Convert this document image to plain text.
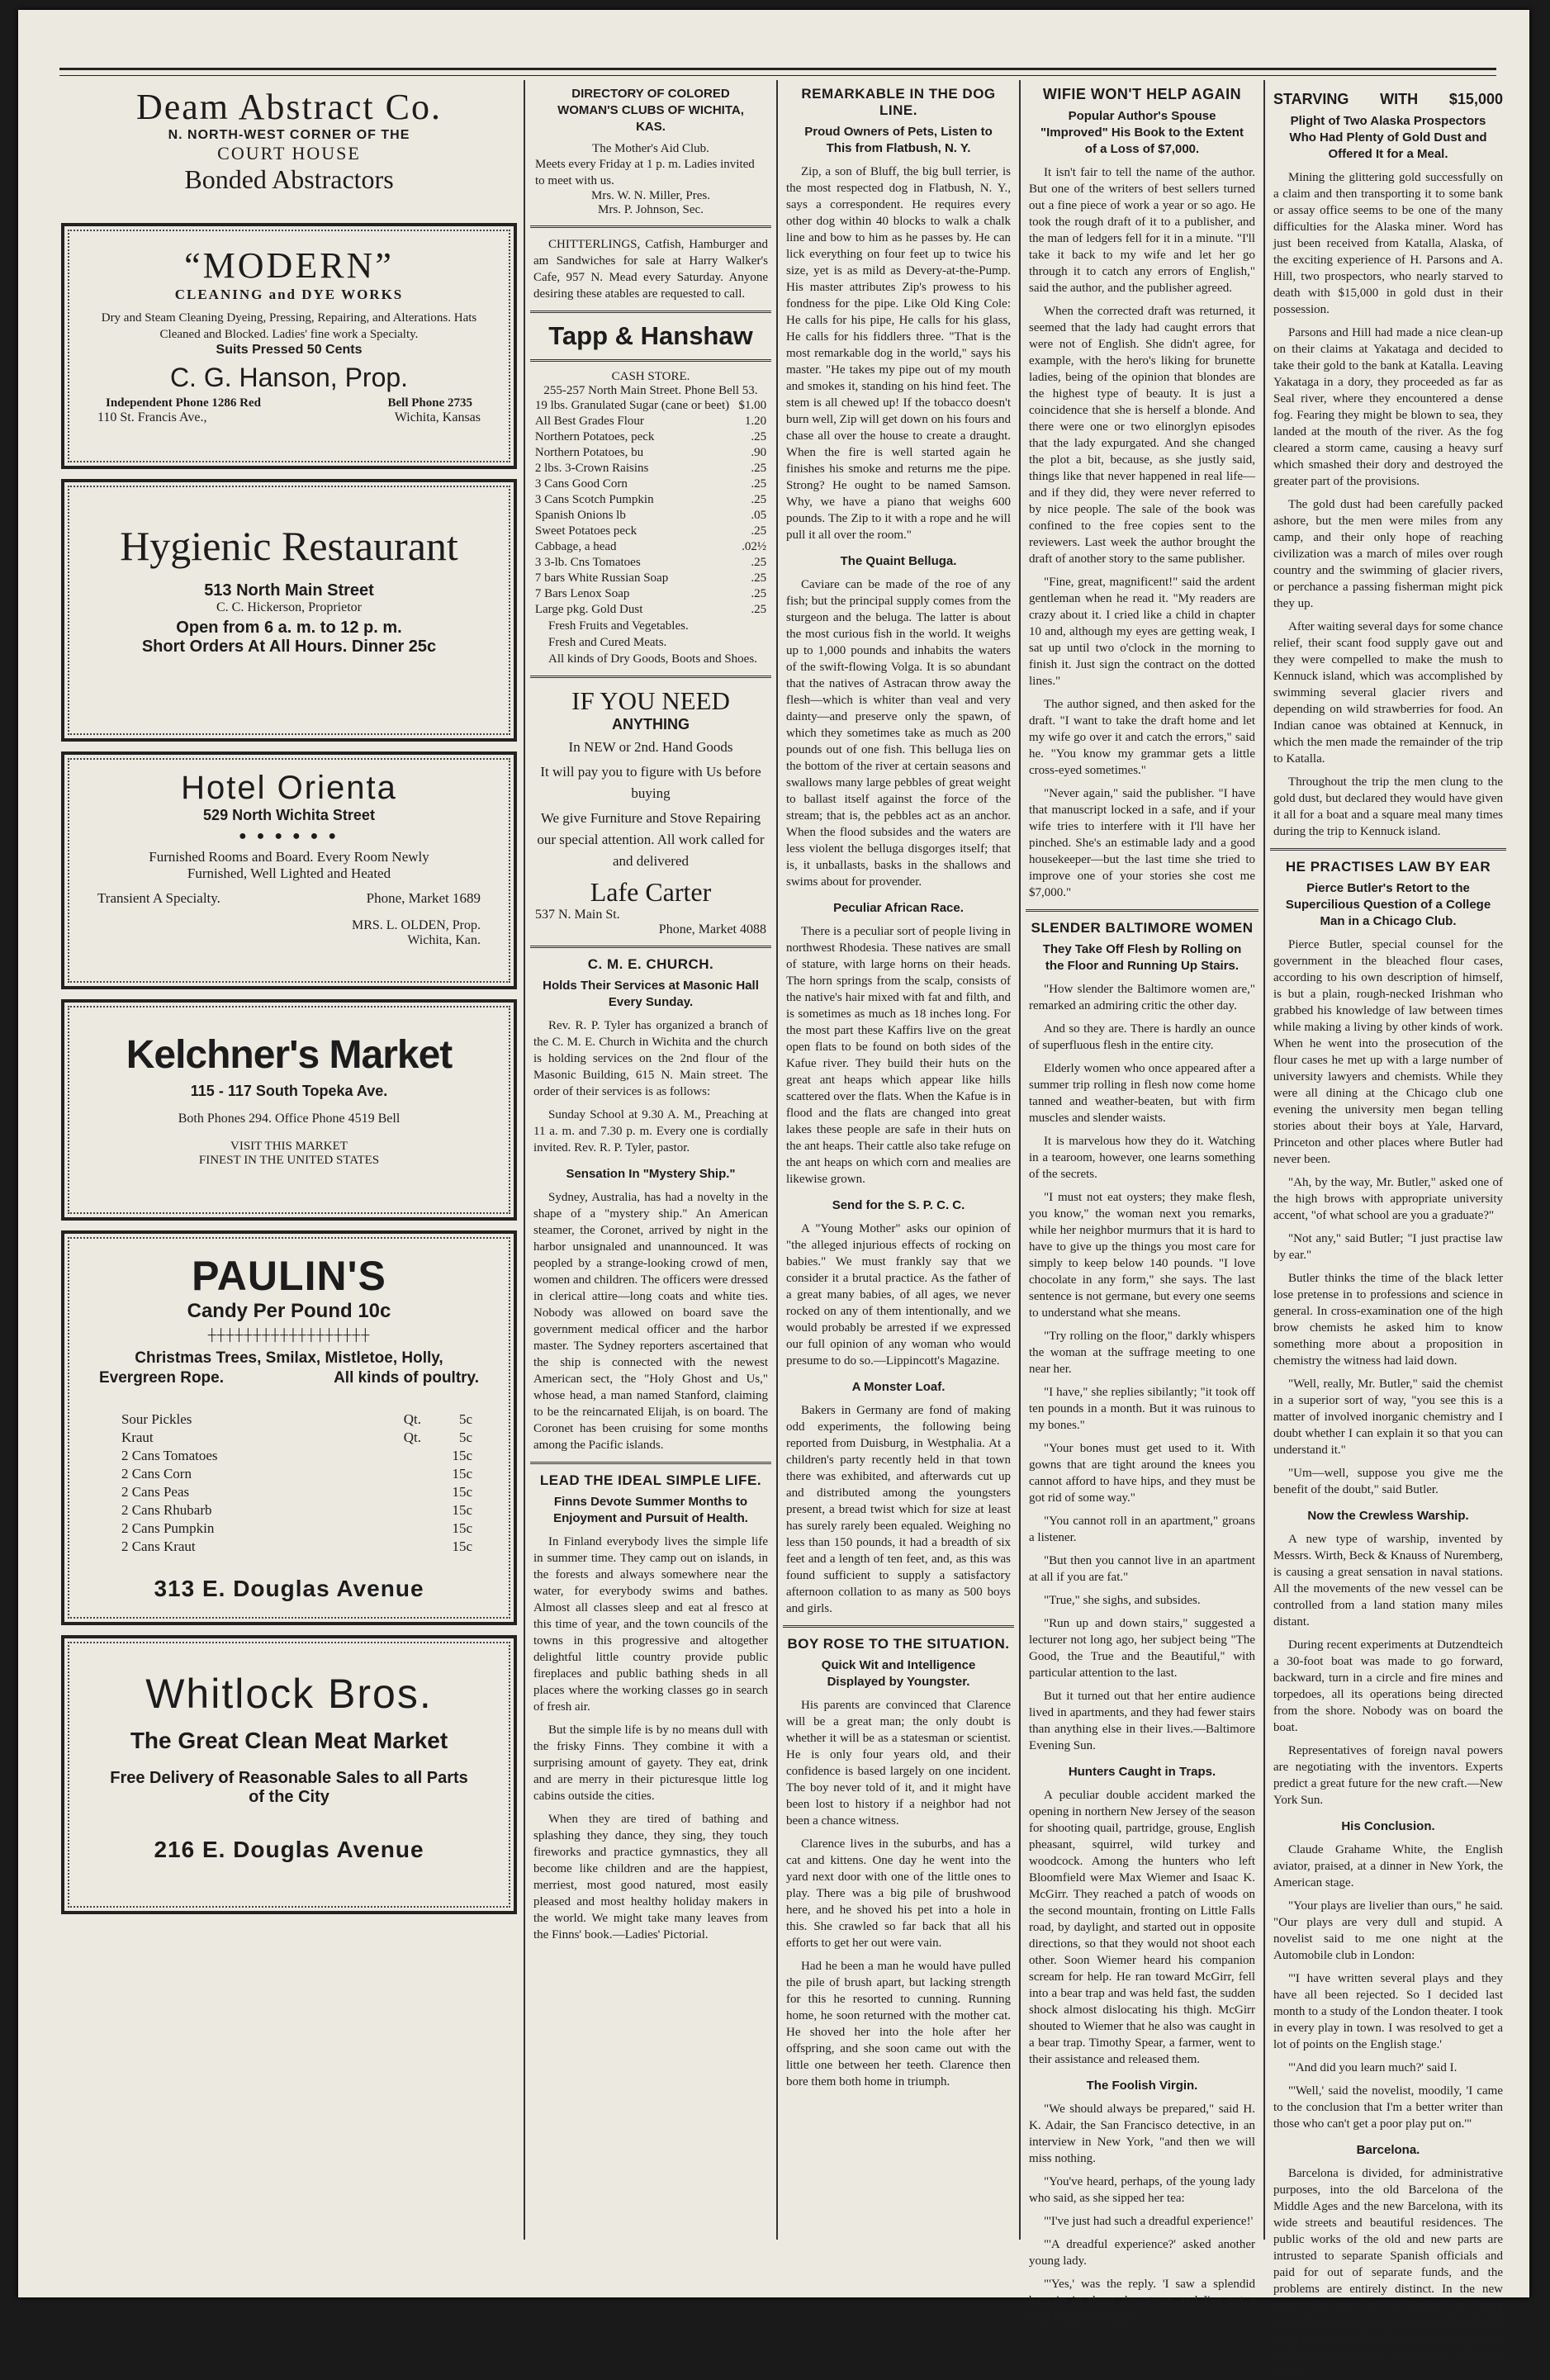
Deam Abstract Co.
N. NORTH-WEST CORNER OF THE
COURT HOUSE
Bonded Abstractors
“MODERN”
CLEANING and DYE WORKS
Dry and Steam Cleaning Dyeing, Pressing, Repairing, and Alterations. Hats Cleaned and Blocked. Ladies' fine work a Specialty.
Suits Pressed 50 Cents
C. G. Hanson, Prop.
Independent Phone 1286 Red	Bell Phone 2735
110 St. Francis Ave.,	Wichita, Kansas
Hygienic Restaurant
513 North Main Street
C. C. Hickerson, Proprietor
Open from 6 a. m. to 12 p. m.
Short Orders At All Hours. Dinner 25c
Hotel Orienta
529 North Wichita Street
● ● ● ● ● ●
Furnished Rooms and Board. Every Room Newly
Furnished, Well Lighted and Heated
Transient A Specialty.	Phone, Market 1689
MRS. L. OLDEN, Prop.
Wichita, Kan.
Kelchner's Market
115 - 117 South Topeka Ave.
Both Phones 294. Office Phone 4519 Bell
VISIT THIS MARKET
FINEST IN THE UNITED STATES
PAULIN'S
Candy Per Pound 10c
┼┼┼┼┼┼┼┼┼┼┼┼┼┼┼┼┼┼
Christmas Trees, Smilax, Mistletoe, Holly,
Evergreen Rope.	All kinds of poultry.
Sour Pickles	Qt.	5c
Kraut	Qt.	5c
2 Cans Tomatoes		15c
2 Cans Corn		15c
2 Cans Peas		15c
2 Cans Rhubarb		15c
2 Cans Pumpkin		15c
2 Cans Kraut		15c
313 E. Douglas Avenue
Whitlock Bros.
The Great Clean Meat Market
Free Delivery of Reasonable Sales to all Parts
of the City
216 E. Douglas Avenue
DIRECTORY OF COLORED WOMAN'S CLUBS OF WICHITA, KAS.
The Mother's Aid Club.
Meets every Friday at 1 p. m. Ladies invited to meet with us.
Mrs. W. N. Miller, Pres.
Mrs. P. Johnson, Sec.
CHITTERLINGS, Catfish, Hamburger and am Sandwiches for sale at Harry Walker's Cafe, 957 N. Mead every Saturday. Anyone desiring these atables are requested to call.
Tapp & Hanshaw
CASH STORE.
255-257 North Main Street. Phone Bell 53.
19 lbs. Granulated Sugar (cane or beet)	$1.00
All Best Grades Flour	1.20
Northern Potatoes, peck	.25
Northern Potatoes, bu	.90
2 lbs. 3-Crown Raisins	.25
3 Cans Good Corn	.25
3 Cans Scotch Pumpkin	.25
Spanish Onions lb	.05
Sweet Potatoes peck	.25
Cabbage, a head	.02½
3 3-lb. Cns Tomatoes	.25
7 bars White Russian Soap	.25
7 Bars Lenox Soap	.25
Large pkg. Gold Dust	.25
Fresh Fruits and Vegetables.
Fresh and Cured Meats.
All kinds of Dry Goods, Boots and Shoes.
IF YOU NEED
ANYTHING
In NEW or 2nd. Hand Goods
It will pay you to figure with Us before buying
We give Furniture and Stove Repairing our special attention. All work called for and delivered
Lafe Carter
537 N. Main St.
Phone, Market 4088
C. M. E. CHURCH.
Holds Their Services at Masonic Hall Every Sunday.
Rev. R. P. Tyler has organized a branch of the C. M. E. Church in Wichita and the church is holding services on the 2nd flour of the Masonic Building, 615 N. Main street. The order of their services is as follows:
Sunday School at 9.30 A. M., Preaching at 11 a. m. and 7.30 p. m. Every one is cordially invited. Rev. R. P. Tyler, pastor.
Sensation In "Mystery Ship."
Sydney, Australia, has had a novelty in the shape of a "mystery ship." An American steamer, the Coronet, arrived by night in the harbor unsignaled and unannounced. It was peopled by a strange-looking crowd of men, women and children. The officers were dressed in clerical attire—long coats and white ties. Nobody was allowed on board save the government medical officer and the harbor master. The Sydney reporters ascertained that the ship is connected with the newest American sect, the "Holy Ghost and Us," whose head, a man named Stanford, claiming to be the reincarnated Elijah, is on board. The Coronet has been cruising for some months among the Pacific islands.
LEAD THE IDEAL SIMPLE LIFE.
Finns Devote Summer Months to Enjoyment and Pursuit of Health.
In Finland everybody lives the simple life in summer time. They camp out on islands, in the forests and always somewhere near the water, for everybody swims and bathes. Almost all classes sleep and eat al fresco at this time of year, and the town councils of the towns in this progressive and altogether delightful little country provide public fireplaces and public bathing sheds in all places where the working classes go in search of fresh air.
But the simple life is by no means dull with the frisky Finns. They combine it with a surprising amount of gayety. They eat, drink and are merry in their picturesque little log cabins outside the cities.
When they are tired of bathing and splashing they dance, they sing, they touch fireworks and practice gymnastics, they all become like children and are the happiest, merriest, most good natured, most easily pleased and most healthy holiday makers in the world. We might take many leaves from the Finns' book.—Ladies' Pictorial.
REMARKABLE IN THE DOG LINE.
Proud Owners of Pets, Listen to This from Flatbush, N. Y.
Zip, a son of Bluff, the big bull terrier, is the most respected dog in Flatbush, N. Y., says a correspondent. He requires every other dog within 40 blocks to walk a chalk line and bow to him as he passes by. He can lick everything on four feet up to twice his size, yet is as mild as Devery-at-the-Pump. His master attributes Zip's prowess to his fondness for the pipe. Like Old King Cole: He calls for his pipe, He calls for his glass, He calls for his fiddlers three. "That is the most remarkable dog in the world," says his master. "He takes my pipe out of my mouth and smokes it, standing on his hind feet. The stem is all chewed up! If the tobacco doesn't burn well, Zip will get down on his fours and chase all over the house to create a draught. When the fire is well started again he finishes his smoke and returns me the pipe. Strong? He ought to be named Samson. Why, we have a piano that weighs 600 pounds. The Zip to it with a rope and he will pull it all over the room."
The Quaint Belluga.
Caviare can be made of the roe of any fish; but the principal supply comes from the sturgeon and the beluga. The latter is about the most curious fish in the world. It weighs up to 1,000 pounds and inhabits the waters of the swift-flowing Volga. It is so abundant that the natives of Astracan throw away the flesh—which is whiter than veal and very dainty—and preserve only the spawn, of which they sometimes take as much as 200 pounds out of one fish. This belluga lies on the bottom of the river at certain seasons and swallows many large pebbles of great weight to ballast itself against the force of the stream; that is, the pebbles act as an anchor. When the flood subsides and the waters are less violent the belluga disgorges itself; that is, it unballasts, basks in the shallows and swims about for provender.
Peculiar African Race.
There is a peculiar sort of people living in northwest Rhodesia. These natives are small of stature, with large horns on their heads. The horn springs from the scalp, consists of the native's hair mixed with fat and filth, and is sometimes as much as 18 inches long. For the most part these Kaffirs live on the great open flats to be found on both sides of the Kafue river. They build their huts on the great ant heaps which appear like hills scattered over the flats. When the Kafue is in flood and the flats are changed into great lakes these people are safe in their huts on the ant heaps. Their cattle also take refuge on the ant heaps on which corn and mealies are likewise grown.
Send for the S. P. C. C.
A "Young Mother" asks our opinion of "the alleged injurious effects of rocking on babies." We must frankly say that we consider it a brutal practice. As the father of a great many babies, of all ages, we never rocked on any of them intentionally, and we would probably be arrested if we expressed our full opinion of any woman who would presume to do so.—Lippincott's Magazine.
A Monster Loaf.
Bakers in Germany are fond of making odd experiments, the following being reported from Duisburg, in Westphalia. At a children's party recently held in that town there was exhibited, and afterwards cut up and distributed among the youngsters present, a bread twist which for size at least has surely rarely been equaled. Weighing no less than 150 pounds, it had a breadth of six feet and a length of ten feet, and, as this was found sufficient to supply a satisfactory afternoon collation to as many as 500 boys and girls.
BOY ROSE TO THE SITUATION.
Quick Wit and Intelligence Displayed by Youngster.
His parents are convinced that Clarence will be a great man; the only doubt is whether it will be as a statesman or scientist. He is only four years old, and their confidence is based largely on one incident. The boy never told of it, and it might have been lost to history if a neighbor had not been a chance witness.
Clarence lives in the suburbs, and has a cat and kittens. One day he went into the yard next door with one of the little ones to play. There was a big pile of brushwood here, and he shoved his pet into a hole in this. She crawled so far back that all his efforts to get her out were vain.
Had he been a man he would have pulled the pile of brush apart, but lacking strength for this he resorted to cunning. Running home, he soon returned with the mother cat. He shoved her into the hole after her offspring, and she soon came out with the little one between her teeth. Clarence then bore them both home in triumph.
WIFIE WON'T HELP AGAIN
Popular Author's Spouse "Improved" His Book to the Extent of a Loss of $7,000.
It isn't fair to tell the name of the author. But one of the writers of best sellers turned out a fine piece of work a year or so ago. He took the rough draft of it to a publisher, and the man of ledgers fell for it in a minute. "I'll take it back to my wife and let her go through it to catch any errors of English," said the author, and the publisher agreed.
When the corrected draft was returned, it seemed that the lady had caught errors that were not of English. She didn't agree, for example, with the hero's liking for brunette ladies, being of the opinion that blondes are the highest type of beauty. It is just a coincidence that she is herself a blonde. And there were one or two elinorglyn episodes that the lady expurgated. And she changed the plot a bit, because, as she justly said, things like that never happened in real life—and if they did, they were never referred to by nice people. The sale of the book was confined to the free copies sent to the reviewers. Last week the author brought the draft of another story to the same publisher.
"Fine, great, magnificent!" said the ardent gentleman when he read it. "My readers are crazy about it. I cried like a child in chapter 10 and, although my eyes are getting weak, I sat up until two o'clock in the morning to finish it. Just sign the contract on the dotted lines."
The author signed, and then asked for the draft. "I want to take the draft home and let my wife go over it and catch the errors," said he. "You know my grammar gets a little cross-eyed sometimes."
"Never again," said the publisher. "I have that manuscript locked in a safe, and if your wife tries to interfere with it I'll have her pinched. She's an estimable lady and a good housekeeper—but the last time she tried to improve one of your stories she cost me $7,000."
SLENDER BALTIMORE WOMEN
They Take Off Flesh by Rolling on the Floor and Running Up Stairs.
"How slender the Baltimore women are," remarked an admiring critic the other day.
And so they are. There is hardly an ounce of superfluous flesh in the entire city.
Elderly women who once appeared after a summer trip rolling in flesh now come home tanned and weather-beaten, but with firm muscles and slender waists.
It is marvelous how they do it. Watching in a tearoom, however, one learns something of the secrets.
"I must not eat oysters; they make flesh, you know," the woman next you remarks, while her neighbor murmurs that it is hard to have to give up the things you most care for simply to keep below 140 pounds. "I love chocolate in any form," she says. The last sentence is not germane, but every one seems to understand what she means.
"Try rolling on the floor," darkly whispers the woman at the suffrage meeting to one near her.
"I have," she replies sibilantly; "it took off ten pounds in a month. But it was ruinous to my bones."
"Your bones must get used to it. With gowns that are tight around the knees you cannot afford to have hips, and they must be got rid of some way."
"You cannot roll in an apartment," groans a listener.
"But then you cannot live in an apartment at all if you are fat."
"True," she sighs, and subsides.
"Run up and down stairs," suggested a lecturer not long ago, her subject being "The Good, the True and the Beautiful," with particular attention to the last.
But it turned out that her entire audience lived in apartments, and they had fewer stairs than anything else in their lives.—Baltimore Evening Sun.
Hunters Caught in Traps.
A peculiar double accident marked the opening in northern New Jersey of the season for shooting quail, partridge, grouse, English pheasant, squirrel, wild turkey and woodcock. Among the hunters who left Bloomfield were Max Wiemer and Isaac K. McGirr. They reached a patch of woods on the second mountain, fronting on Little Falls road, by daylight, and started out in opposite directions, so that they would not shoot each other. Soon Wiemer heard his companion scream for help. He ran toward McGirr, fell into a bear trap and was held fast, the sudden shock almost dislocating his thigh. McGirr shouted to Wiemer that he also was caught in a bear trap. Timothy Spear, a farmer, went to their assistance and released them.
The Foolish Virgin.
"We should always be prepared," said H. K. Adair, the San Francisco detective, in an interview in New York, "and then we will miss nothing.
"You've heard, perhaps, of the young lady who said, as she sipped her tea:
"'I've just had such a dreadful experience!'
"'A dreadful experience?' asked another young lady.
"'Yes,' was the reply. 'I saw a splendid bargain in shoes downtown and I've got a hole in my stocking.'"
STARVING WITH $15,000
Plight of Two Alaska Prospectors Who Had Plenty of Gold Dust and Offered It for a Meal.
Mining the glittering gold successfully on a claim and then transporting it to some bank or assay office seems to be one of the many difficulties for the Alaska miner. Word has just been received from Katalla, Alaska, of the exciting experience of H. Parsons and A. Hill, two prospectors, who nearly starved to death with $15,000 in gold dust in their possession.
Parsons and Hill had made a nice clean-up on their claims at Yakataga and decided to take their gold to the bank at Katalla. Leaving Yakataga in a dory, they proceeded as far as Seal river, where they encountered a dense fog. Fearing they might be blown to sea, they landed at the mouth of the river. As the fog cleared a storm came, causing a heavy surf which smashed their dory and destroyed the greater part of the provisions.
The gold dust had been carefully packed ashore, but the men were miles from any camp, and their only hope of reaching civilization was a march of miles over rough country and the swimming of glacier rivers, or perchance a passing fisherman might pick they up.
After waiting several days for some chance relief, their scant food supply gave out and they were compelled to make the mush to Kennuck island, which was accomplished by swimming several glacier rivers and depending on wild strawberries for food. An Indian canoe was obtained at Kennuck, in which the men made the remainder of the trip to Katalla.
Throughout the trip the men clung to the gold dust, but declared they would have given it all for a boat and a square meal many times during the trip to Kennuck island.
HE PRACTISES LAW BY EAR
Pierce Butler's Retort to the Supercilious Question of a College Man in a Chicago Club.
Pierce Butler, special counsel for the government in the bleached flour cases, according to his own description of himself, is but a plain, rough-necked Irishman who grabbed his knowledge of law between times while making a living by other kinds of work. When he went into the prosecution of the flour cases he met up with a large number of university lawyers and chemists. While they were all dining at the Chicago club one evening the university men began telling stories about their boys at Yale, Harvard, Princeton and other places where Butler had never been.
"Ah, by the way, Mr. Butler," asked one of the high brows with appropriate university accent, "of what school are you a graduate?"
"Not any," said Butler; "I just practise law by ear."
Butler thinks the time of the black letter lose pretense in to professions and science in general. In cross-examination one of the high brow chemists he asked him to know something more about a proposition in chemistry the witness had laid down.
"Well, really, Mr. Butler," said the chemist in a superior sort of way, "you see this is a matter of involved inorganic chemistry and I doubt whether I can explain it so that you can understand it."
"Um—well, suppose you give me the benefit of the doubt," said Butler.
Now the Crewless Warship.
A new type of warship, invented by Messrs. Wirth, Beck & Knauss of Nuremberg, is causing a great sensation in naval stations. All the movements of the new vessel can be controlled from a land station many miles distant.
During recent experiments at Dutzendteich a 30-foot boat was made to go forward, backward, turn in a circle and fire mines and torpedoes, all its operations being directed from the shore. Nobody was on board the boat.
Representatives of foreign naval powers are negotiating with the inventors. Experts predict a great future for the new craft.—New York Sun.
His Conclusion.
Claude Grahame White, the English aviator, praised, at a dinner in New York, the American stage.
"Your plays are livelier than ours," he said. "Our plays are very dull and stupid. A novelist said to me one night at the Automobile club in London:
"'I have written several plays and they have all been rejected. So I decided last month to a study of the London theater. I took in every play in town. I was resolved to get a lot of points on the English stage.'
"'And did you learn much?' said I.
"'Well,' said the novelist, moodily, 'I came to the conclusion that I'm a better writer than those who can't get a poor play put on.'"
Barcelona.
Barcelona is divided, for administrative purposes, into the old Barcelona of the Middle Ages and the new Barcelona, with its wide streets and beautiful residences. The public works of the old and new parts are intrusted to separate Spanish officials and paid for out of separate funds, and the problems are entirely distinct. In the new town the sum of $6,500,000 is being expended on a sewerage system, while the old town is mediaeval in this as in other respects, and even has a bit of sewer built in Roman times.
